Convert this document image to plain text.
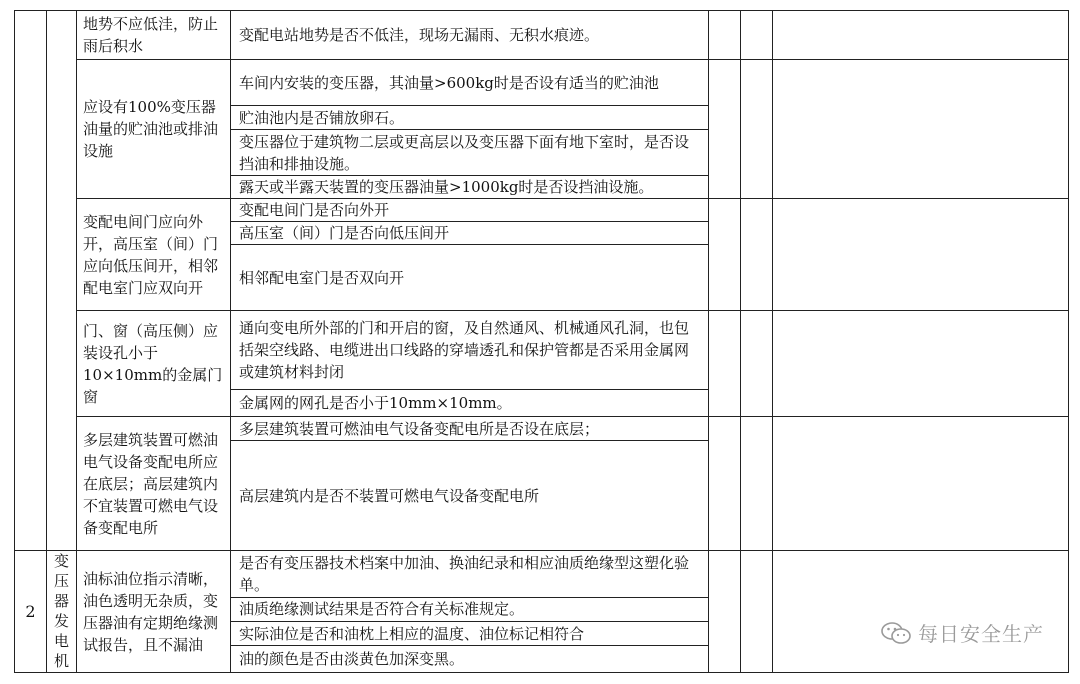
		地势不应低洼，防止雨后积水	变配电站地势是否不低洼，现场无漏雨、无积水痕迹。			
		应设有100%变压器油量的贮油池或排油设施	车间内安装的变压器，其油量>600kg时是否设有适当的贮油池			
			贮油池内是否铺放卵石。			
			变压器位于建筑物二层或更高层以及变压器下面有地下室时，是否设挡油和排抽设施。			
			露天或半露天装置的变压器油量>1000kg时是否设挡油设施。			
		变配电间门应向外开，高压室（间）门应向低压间开，相邻配电室门应双向开	变配电间门是否向外开			
			高压室（间）门是否向低压间开			
			相邻配电室门是否双向开			
		门、窗（高压侧）应装设孔小于10×10mm的金属门窗	通向变电所外部的门和开启的窗，及自然通风、机械通风孔洞，也包括架空线路、电缆进出口线路的穿墙透孔和保护管都是否采用金属网或建筑材料封闭			
			金属网的网孔是否小于10mm×10mm。			
		多层建筑装置可燃油电气设备变配电所应在底层；高层建筑内不宜装置可燃电气设备变配电所	多层建筑装置可燃油电气设备变配电所是否设在底层；			
			高层建筑内是否不装置可燃电气设备变配电所			

2	变压器发电机	油标油位指示清晰，油色透明无杂质，变压器油有定期绝缘测试报告，且不漏油	是否有变压器技术档案中加油、换油纪录和相应油质绝缘型这塑化验单。			
			油质绝缘测试结果是否符合有关标准规定。			
			实际油位是否和油枕上相应的温度、油位标记相符合			
			油的颜色是否由淡黄色加深变黑。			
每日安全生产
